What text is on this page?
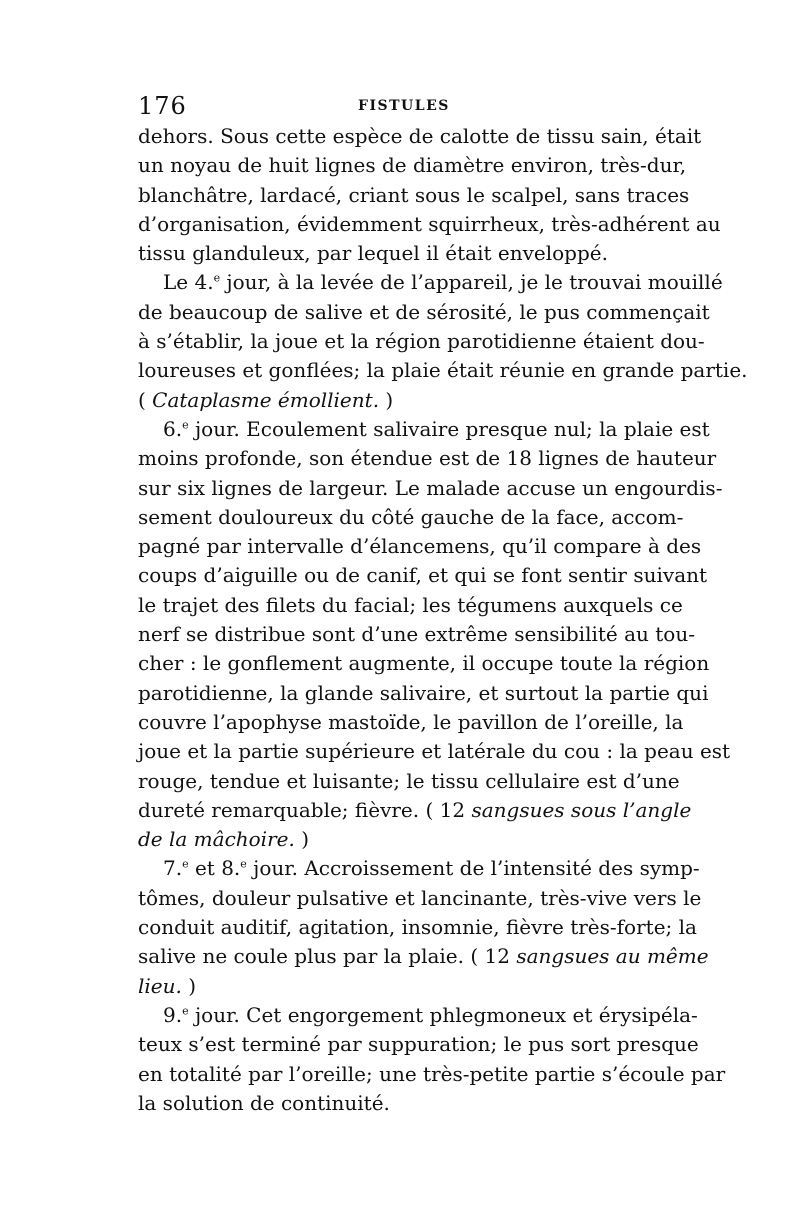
176	FISTULES
dehors. Sous cette espèce de calotte de tissu sain, était
un noyau de huit lignes de diamètre environ, très-dur,
blanchâtre, lardacé, criant sous le scalpel, sans traces
d’organisation, évidemment squirrheux, très-adhérent au
tissu glanduleux, par lequel il était enveloppé.
Le 4.$^e$ jour, à la levée de l’appareil, je le trouvai mouillé
de beaucoup de salive et de sérosité, le pus commençait
à s’établir, la joue et la région parotidienne étaient dou-
loureuses et gonflées; la plaie était réunie en grande partie.
( Cataplasme émollient. )
6.$^e$ jour. Ecoulement salivaire presque nul; la plaie est
moins profonde, son étendue est de 18 lignes de hauteur
sur six lignes de largeur. Le malade accuse un engourdis-
sement douloureux du côté gauche de la face, accom-
pagné par intervalle d’élancemens, qu’il compare à des
coups d’aiguille ou de canif, et qui se font sentir suivant
le trajet des filets du facial; les tégumens auxquels ce
nerf se distribue sont d’une extrême sensibilité au tou-
cher : le gonflement augmente, il occupe toute la région
parotidienne, la glande salivaire, et surtout la partie qui
couvre l’apophyse mastoïde, le pavillon de l’oreille, la
joue et la partie supérieure et latérale du cou : la peau est
rouge, tendue et luisante; le tissu cellulaire est d’une
dureté remarquable; fièvre. ( 12 sangsues sous l’angle
de la mâchoire. )
7.$^e$ et 8.$^e$ jour. Accroissement de l’intensité des symp-
tômes, douleur pulsative et lancinante, très-vive vers le
conduit auditif, agitation, insomnie, fièvre très-forte; la
salive ne coule plus par la plaie. ( 12 sangsues au même
lieu. )
9.$^e$ jour. Cet engorgement phlegmoneux et érysipéla-
teux s’est terminé par suppuration; le pus sort presque
en totalité par l’oreille; une très-petite partie s’écoule par
la solution de continuité.
